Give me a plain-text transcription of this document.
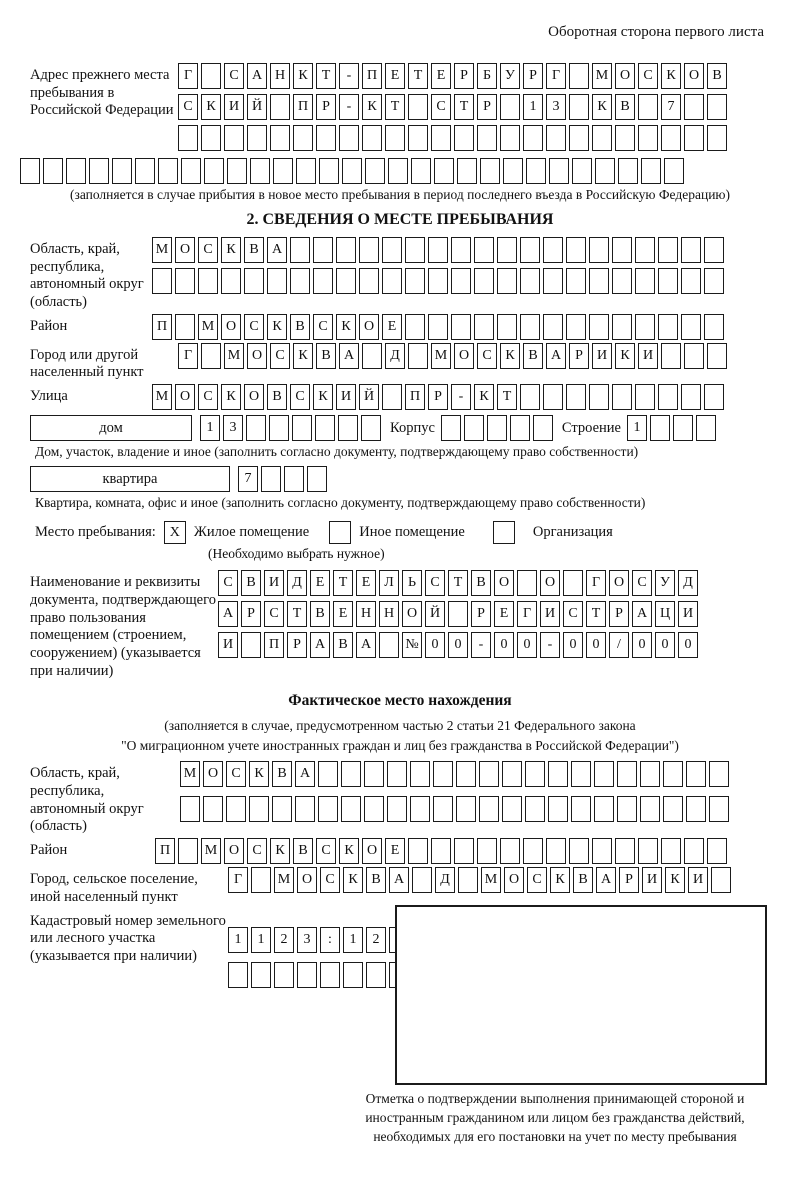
Оборотная сторона первого листа
Адрес прежнего места пребывания в Российской Федерации
Г	С А Н К Т - П Е Т Е Р Б У Р Г	М О С К О В
С К И Й	П Р - К Т	С Т Р	1 3	К В	7
(заполняется в случае прибытия в новое место пребывания в период последнего въезда в Российскую Федерацию)
2. СВЕДЕНИЯ О МЕСТЕ ПРЕБЫВАНИЯ
Область, край, республика, автономный округ (область)
М О С К В А
Район	П М О С К В С К О Е
Город или другой населенный пункт
Г	М О С К В А	Д М О С К В А Р И К И
Улица	М О С К О В С К И Й	П Р - К Т
дом	1 3	Корпус	Строение 1
Дом, участок, владение и иное (заполнить согласно документу, подтверждающему право собственности)
квартира	7
Квартира, комната, офис и иное (заполнить согласно документу, подтверждающему право собственности)
Место пребывания: X Жилое помещение	Иное помещение	Организация
(Необходимо выбрать нужное)
Наименование и реквизиты документа, подтверждающего право пользования помещением (строением, сооружением) (указывается при наличии)
С В И Д Е Т Е Л Ь С Т В О	О	Г О С У Д
А Р С Т В Е Н Н О Й	Р Е Г И С Т Р А Ц И
И	П Р А В А № 0 0 - 0 0 - 0 0 / 0 0 0
Фактическое место нахождения
(заполняется в случае, предусмотренном частью 2 статьи 21 Федерального закона
"О миграционном учете иностранных граждан и лиц без гражданства в Российской Федерации")
Область, край, республика, автономный округ (область)
М О С К В А
Район	П М О С К В С К О Е
Город, сельское поселение, иной населенный пункт
Г	М О С К В А	Д М О С К В А Р И К И
Кадастровый номер земельного или лесного участка (указывается при наличии)
1 1 2 3 : 1 2
Отметка о подтверждении выполнения принимающей стороной и иностранным гражданином или лицом без гражданства действий, необходимых для его постановки на учет по месту пребывания
